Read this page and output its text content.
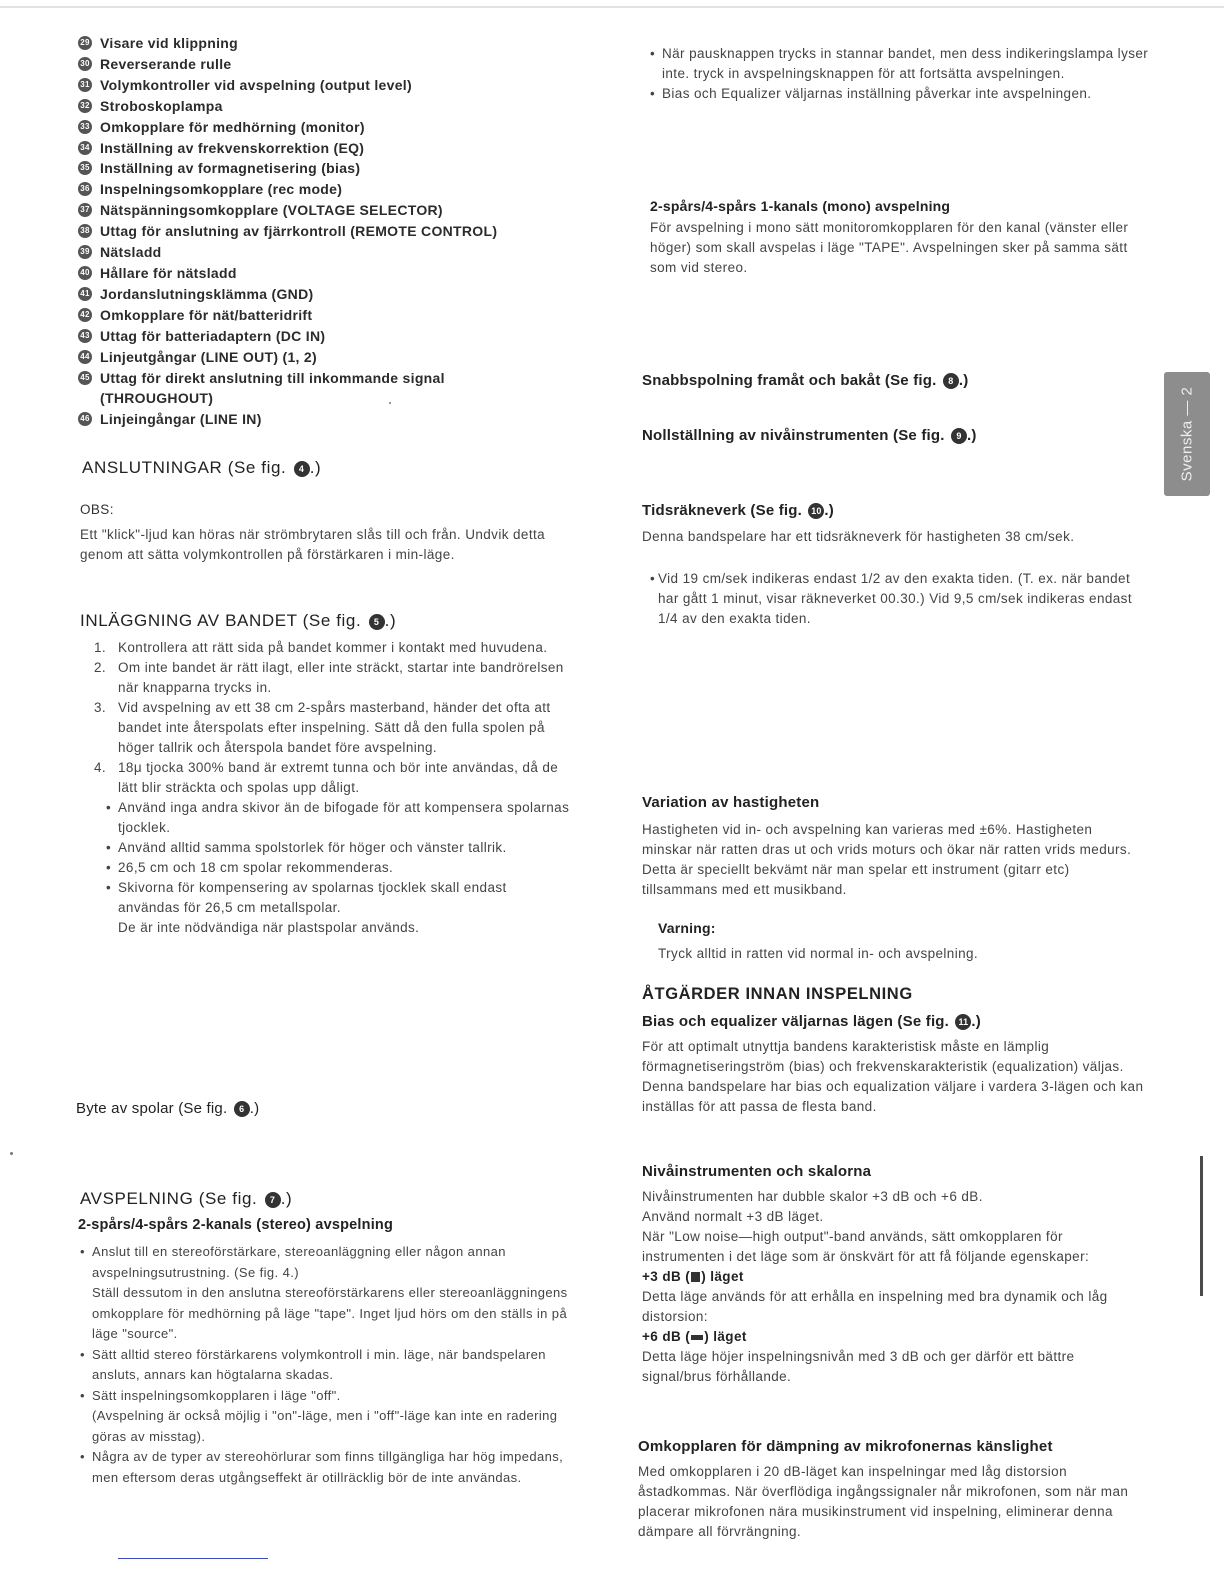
29 Visare vid klippning
30 Reverserande rulle
31 Volymkontroller vid avspelning (output level)
32 Stroboskoplampa
33 Omkopplare för medhörning (monitor)
34 Inställning av frekvenskorrektion (EQ)
35 Inställning av formagnetisering (bias)
36 Inspelningsomkopplare (rec mode)
37 Nätspänningsomkopplare (VOLTAGE SELECTOR)
38 Uttag för anslutning av fjärrkontroll (REMOTE CONTROL)
39 Nätsladd
40 Hållare för nätsladd
41 Jordanslutningsklämma (GND)
42 Omkopplare för nät/batteridrift
43 Uttag för batteriadaptern (DC IN)
44 Linjeutgångar (LINE OUT) (1, 2)
45 Uttag för direkt anslutning till inkommande signal
(THROUGHOUT)
46 Linjeingångar (LINE IN)
ANSLUTNINGAR (Se fig. 4 .)
OBS:
Ett "klick"-ljud kan höras när strömbrytaren slås till och från. Undvik detta genom att sätta volymkontrollen på förstärkaren i min-läge.
INLÄGGNING AV BANDET (Se fig. 5 .)
1. Kontrollera att rätt sida på bandet kommer i kontakt med huvudena.
2. Om inte bandet är rätt ilagt, eller inte sträckt, startar inte bandrörelsen när knapparna trycks in.
3. Vid avspelning av ett 38 cm 2-spårs masterband, händer det ofta att bandet inte återspolats efter inspelning. Sätt då den fulla spolen på höger tallrik och återspola bandet före avspelning.
4. 18μ tjocka 300% band är extremt tunna och bör inte användas, då de lätt blir sträckta och spolas upp dåligt.
• Använd inga andra skivor än de bifogade för att kompensera spolarnas tjocklek.
• Använd alltid samma spolstorlek för höger och vänster tallrik.
• 26,5 cm och 18 cm spolar rekommenderas.
• Skivorna för kompensering av spolarnas tjocklek skall endast användas för 26,5 cm metallspolar.
De är inte nödvändiga när plastspolar används.
Byte av spolar (Se fig. 6 .)
AVSPELNING (Se fig. 7 .)
2-spårs/4-spårs 2-kanals (stereo) avspelning
• Anslut till en stereoförstärkare, stereoanläggning eller någon annan avspelningsutrustning. (Se fig. 4.)
Ställ dessutom in den anslutna stereoförstärkarens eller stereoanläggningens omkopplare för medhörning på läge "tape". Inget ljud hörs om den ställs in på läge "source".
• Sätt alltid stereo förstärkarens volymkontroll i min. läge, när bandspelaren ansluts, annars kan högtalarna skadas.
• Sätt inspelningsomkopplaren i läge "off".
(Avspelning är också möjlig i "on"-läge, men i "off"-läge kan inte en radering göras av misstag).
• Några av de typer av stereohörlurar som finns tillgängliga har hög impedans, men eftersom deras utgångseffekt är otillräcklig bör de inte användas.
• När pausknappen trycks in stannar bandet, men dess indikeringslampa lyser inte. tryck in avspelningsknappen för att fortsätta avspelningen.
• Bias och Equalizer väljarnas inställning påverkar inte avspelningen.
2-spårs/4-spårs 1-kanals (mono) avspelning
För avspelning i mono sätt monitoromkopplaren för den kanal (vänster eller höger) som skall avspelas i läge "TAPE". Avspelningen sker på samma sätt som vid stereo.
Snabbspolning framåt och bakåt (Se fig. 8 .)
Nollställning av nivåinstrumenten (Se fig. 9 .)
Tidsräkneverk (Se fig. 10 .)
Denna bandspelare har ett tidsräkneverk för hastigheten 38 cm/sek.
• Vid 19 cm/sek indikeras endast 1/2 av den exakta tiden. (T. ex. när bandet har gått 1 minut, visar räkneverket 00.30.) Vid 9,5 cm/sek indikeras endast 1/4 av den exakta tiden.
Variation av hastigheten
Hastigheten vid in- och avspelning kan varieras med ±6%. Hastigheten minskar när ratten dras ut och vrids moturs och ökar när ratten vrids medurs. Detta är speciellt bekvämt när man spelar ett instrument (gitarr etc) tillsammans med ett musikband.
Varning:
Tryck alltid in ratten vid normal in- och avspelning.
ÅTGÄRDER INNAN INSPELNING
Bias och equalizer väljarnas lägen (Se fig. 11 .)
För att optimalt utnyttja bandens karakteristisk måste en lämplig förmagnetiseringström (bias) och frekvenskarakteristik (equalization) väljas. Denna bandspelare har bias och equalization väljare i vardera 3-lägen och kan inställas för att passa de flesta band.
Nivåinstrumenten och skalorna
Nivåinstrumenten har dubble skalor +3 dB och +6 dB.
Använd normalt +3 dB läget.
När "Low noise—high output"-band används, sätt omkopplaren för instrumenten i det läge som är önskvärt för att få följande egenskaper:
+3 dB ( ) läget
Detta läge används för att erhålla en inspelning med bra dynamik och låg distorsion:
+6 dB ( ) läget
Detta läge höjer inspelningsnivån med 3 dB och ger därför ett bättre signal/brus förhållande.
Omkopplaren för dämpning av mikrofonernas känslighet
Med omkopplaren i 20 dB-läget kan inspelningar med låg distorsion åstadkommas. När överflödiga ingångssignaler når mikrofonen, som när man placerar mikrofonen nära musikinstrument vid inspelning, eliminerar denna dämpare all förvrängning.
Svenska — 2
